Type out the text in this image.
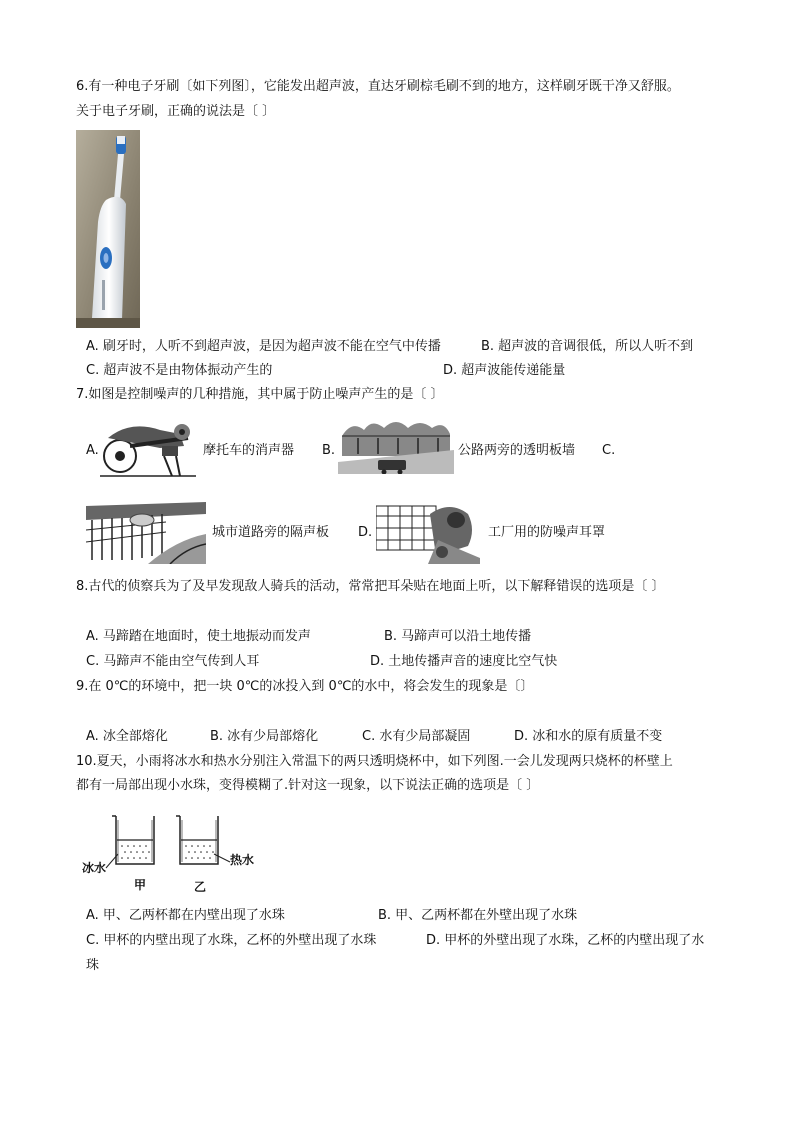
6.有一种电子牙刷〔如下列图〕，它能发出超声波，直达牙刷棕毛刷不到的地方，这样刷牙既干净又舒服。
关于电子牙刷，正确的说法是〔 〕
A. 刷牙时，人听不到超声波，是因为超声波不能在空气中传播	B. 超声波的音调很低，所以人听不到
C. 超声波不是由物体振动产生的	D. 超声波能传递能量
7.如图是控制噪声的几种措施，其中属于防止噪声产生的是〔 〕
A.	摩托车的消声器 B.	公路两旁的透明板墙 C.
城市道路旁的隔声板 D.	工厂用的防噪声耳罩
8.古代的侦察兵为了及早发现敌人骑兵的活动，常常把耳朵贴在地面上听，以下解释错误的选项是〔 〕
A. 马蹄踏在地面时，使土地振动而发声	B. 马蹄声可以沿土地传播
C. 马蹄声不能由空气传到人耳	D. 土地传播声音的速度比空气快
9.在 0℃的环境中，把一块 0℃的冰投入到 0℃的水中，将会发生的现象是〔〕
A. 冰全部熔化	B. 冰有少局部熔化	C. 水有少局部凝固	D. 冰和水的原有质量不变
10.夏天，小雨将冰水和热水分别注入常温下的两只透明烧杯中，如下列图.一会儿发现两只烧杯的杯壁上
都有一局部出现小水珠，变得模糊了.针对这一现象，以下说法正确的选项是〔 〕
冰水
热水
甲	乙
A. 甲、乙两杯都在内壁出现了水珠	B. 甲、乙两杯都在外壁出现了水珠
C. 甲杯的内壁出现了水珠，乙杯的外壁出现了水珠	D. 甲杯的外壁出现了水珠，乙杯的内壁出现了水
珠
